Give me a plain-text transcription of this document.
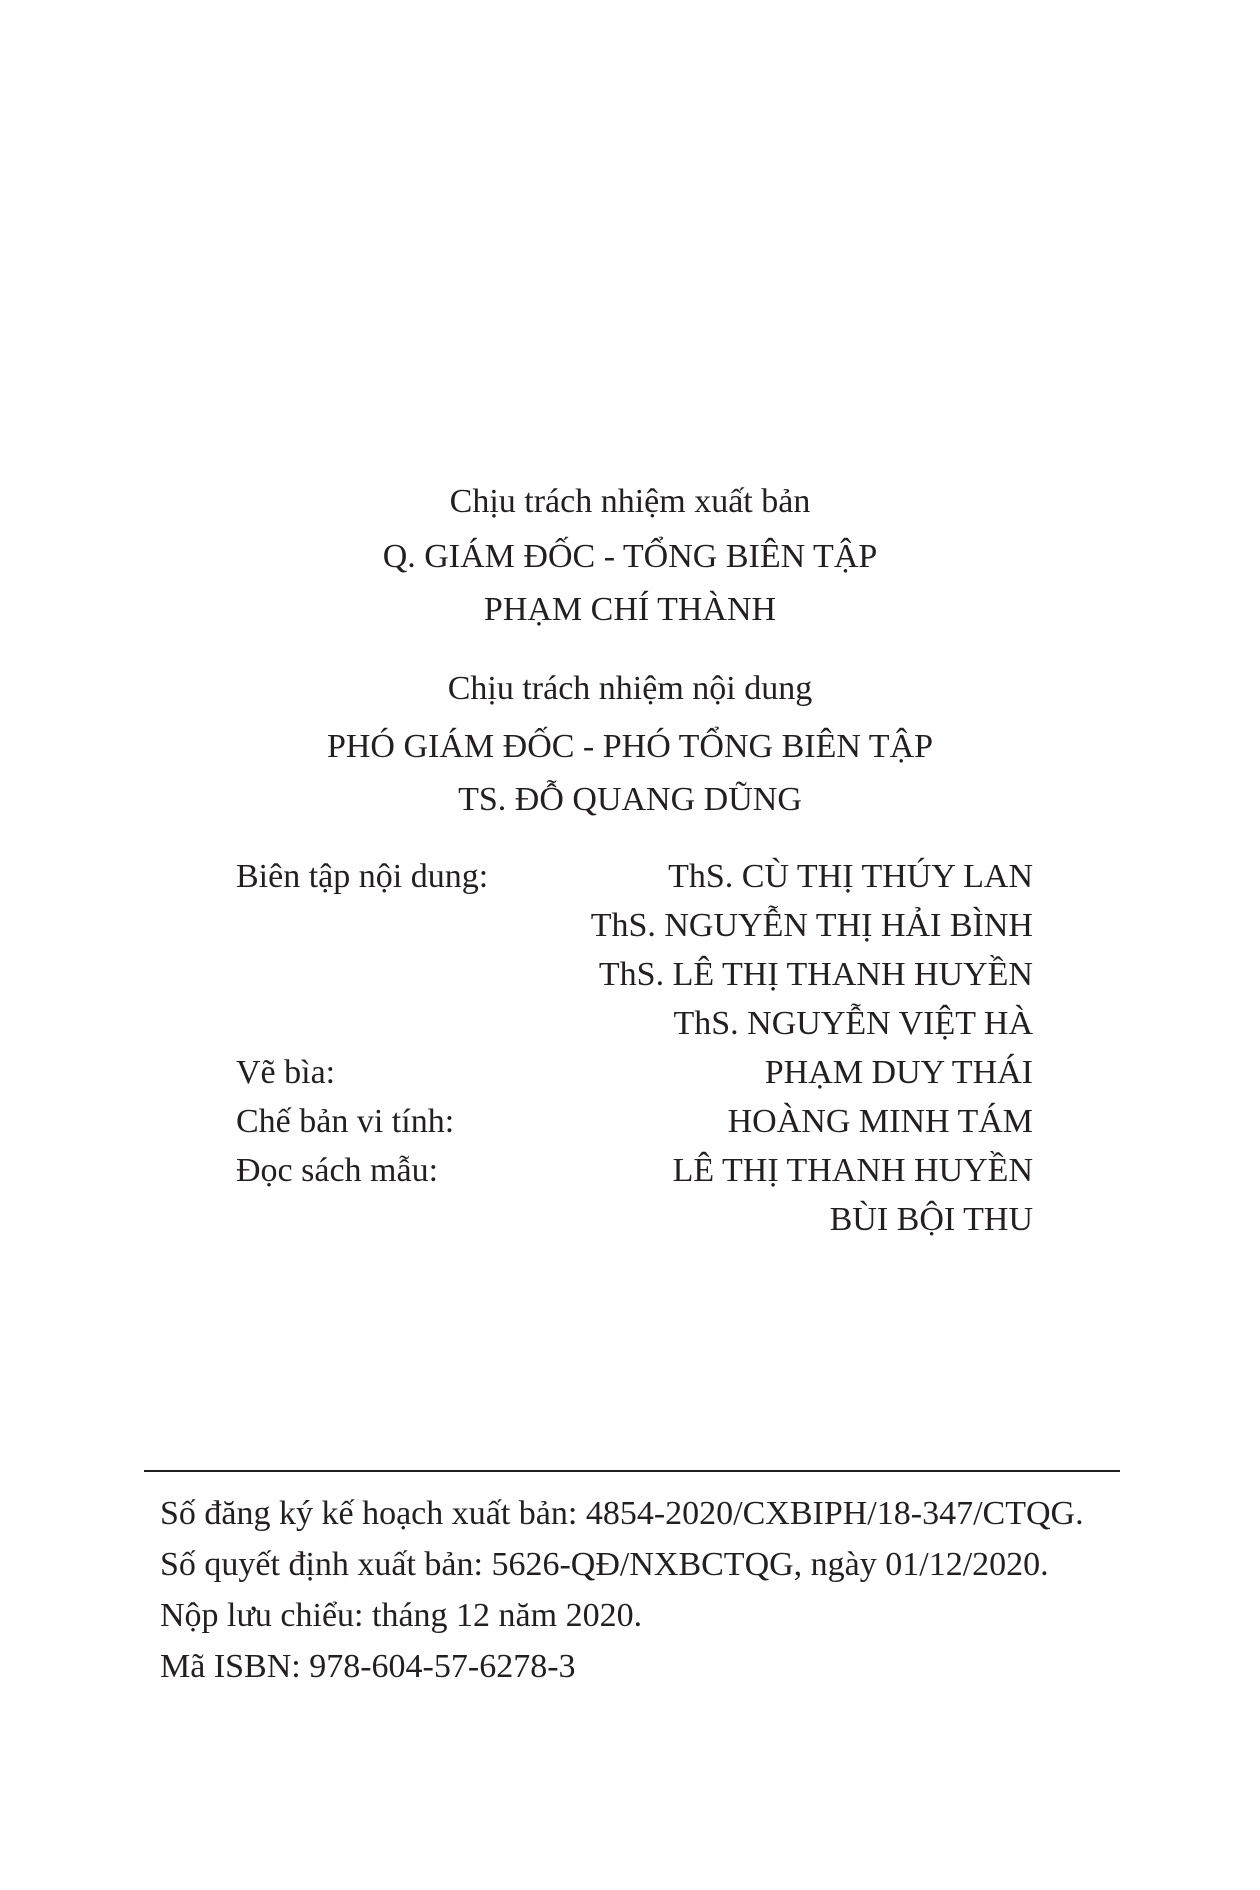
Chịu trách nhiệm xuất bản
Q. GIÁM ĐỐC - TỔNG BIÊN TẬP
PHẠM CHÍ THÀNH
Chịu trách nhiệm nội dung
PHÓ GIÁM ĐỐC - PHÓ TỔNG BIÊN TẬP
TS. ĐỖ QUANG DŨNG
Biên tập nội dung:	ThS. CÙ THỊ THÚY LAN
ThS. NGUYỄN THỊ HẢI BÌNH
ThS. LÊ THỊ THANH HUYỀN
ThS. NGUYỄN VIỆT HÀ
Vẽ bìa:	PHẠM DUY THÁI
Chế bản vi tính:	HOÀNG MINH TÁM
Đọc sách mẫu:	LÊ THỊ THANH HUYỀN
BÙI BỘI THU
Số đăng ký kế hoạch xuất bản: 4854-2020/CXBIPH/18-347/CTQG.
Số quyết định xuất bản: 5626-QĐ/NXBCTQG, ngày 01/12/2020.
Nộp lưu chiểu: tháng 12 năm 2020.
Mã ISBN: 978-604-57-6278-3
